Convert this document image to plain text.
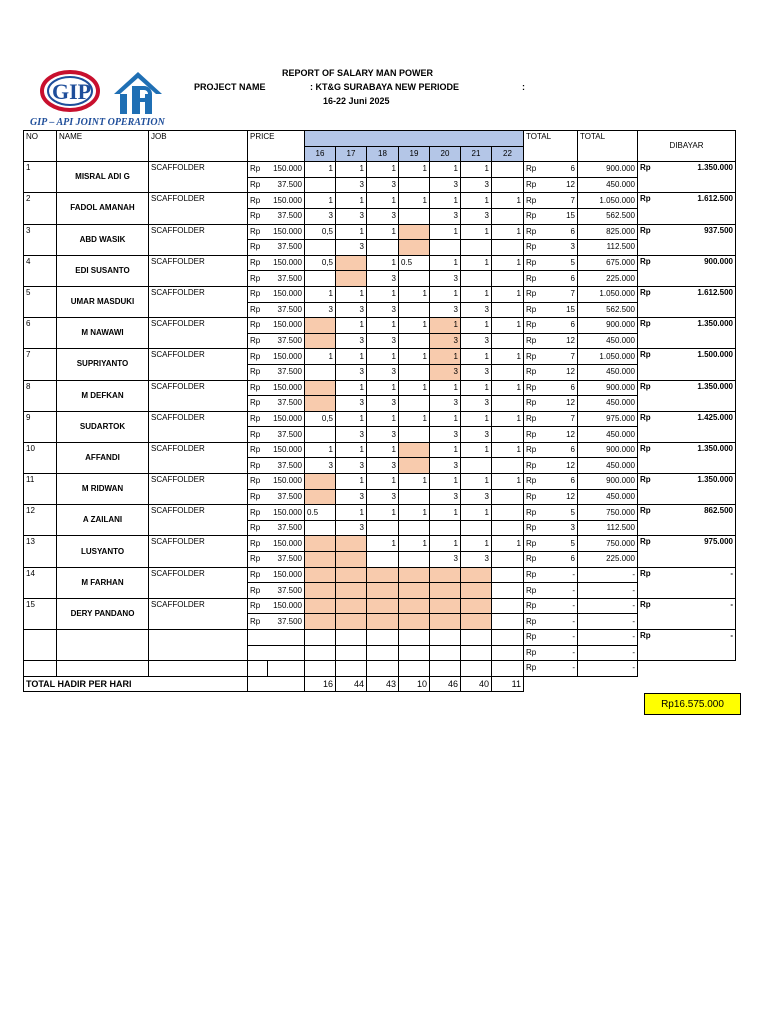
GIP
GIP – API JOINT OPERATION
REPORT OF SALARY MAN POWER
PROJECT NAME	: KT&G SURABAYA NEW PERIODE	:
16-22 Juni 2025
NO	NAME	JOB	PRICE									TOTAL		TOTAL	DIBAYAR	
					16	17	18	19	20	21	22					
1	MISRAL ADI G	SCAFFOLDER	Rp	150.000	1	1	1	1	1	1		Rp	6	900.000	Rp	1.350.000
			Rp	37.500		3	3		3	3		Rp	12	450.000		
2	FADOL AMANAH	SCAFFOLDER	Rp	150.000	1	1	1	1	1	1	1	Rp	7	1.050.000	Rp	1.612.500
			Rp	37.500	3	3	3		3	3		Rp	15	562.500		
3	ABD WASIK	SCAFFOLDER	Rp	150.000	0,5	1	1		1	1	1	Rp	6	825.000	Rp	937.500
			Rp	37.500		3						Rp	3	112.500		
4	EDI SUSANTO	SCAFFOLDER	Rp	150.000	0,5		1	0.5	1	1	1	Rp	5	675.000	Rp	900.000
			Rp	37.500			3		3			Rp	6	225.000		
5	UMAR MASDUKI	SCAFFOLDER	Rp	150.000	1	1	1	1	1	1	1	Rp	7	1.050.000	Rp	1.612.500
			Rp	37.500	3	3	3		3	3		Rp	15	562.500		
6	M NAWAWI	SCAFFOLDER	Rp	150.000		1	1	1	1	1	1	Rp	6	900.000	Rp	1.350.000
			Rp	37.500		3	3		3	3		Rp	12	450.000		
7	SUPRIYANTO	SCAFFOLDER	Rp	150.000	1	1	1	1	1	1	1	Rp	7	1.050.000	Rp	1.500.000
			Rp	37.500		3	3		3	3		Rp	12	450.000		
8	M DEFKAN	SCAFFOLDER	Rp	150.000		1	1	1	1	1	1	Rp	6	900.000	Rp	1.350.000
			Rp	37.500		3	3		3	3		Rp	12	450.000		
9	SUDARTOK	SCAFFOLDER	Rp	150.000	0,5	1	1	1	1	1	1	Rp	7	975.000	Rp	1.425.000
			Rp	37.500		3	3		3	3		Rp	12	450.000		
10	AFFANDI	SCAFFOLDER	Rp	150.000	1	1	1		1	1	1	Rp	6	900.000	Rp	1.350.000
			Rp	37.500	3	3	3		3			Rp	12	450.000		
11	M RIDWAN	SCAFFOLDER	Rp	150.000		1	1	1	1	1	1	Rp	6	900.000	Rp	1.350.000
			Rp	37.500		3	3		3	3		Rp	12	450.000		
12	A ZAILANI	SCAFFOLDER	Rp	150.000	0.5	1	1	1	1	1		Rp	5	750.000	Rp	862.500
			Rp	37.500		3						Rp	3	112.500		
13	LUSYANTO	SCAFFOLDER	Rp	150.000			1	1	1	1	1	Rp	5	750.000	Rp	975.000
			Rp	37.500					3	3		Rp	6	225.000		
14	M FARHAN	SCAFFOLDER	Rp	150.000								Rp	-	-	Rp	-
			Rp	37.500								Rp	-	-		
15	DERY PANDANO	SCAFFOLDER	Rp	150.000								Rp	-	-	Rp	-
			Rp	37.500								Rp	-	-		
												Rp	-	-	Rp	-
												Rp	-	-		
												Rp	-	-		
TOTAL HADIR PER HARI					16	44	43	10	46	40	11					
Rp16.575.000
